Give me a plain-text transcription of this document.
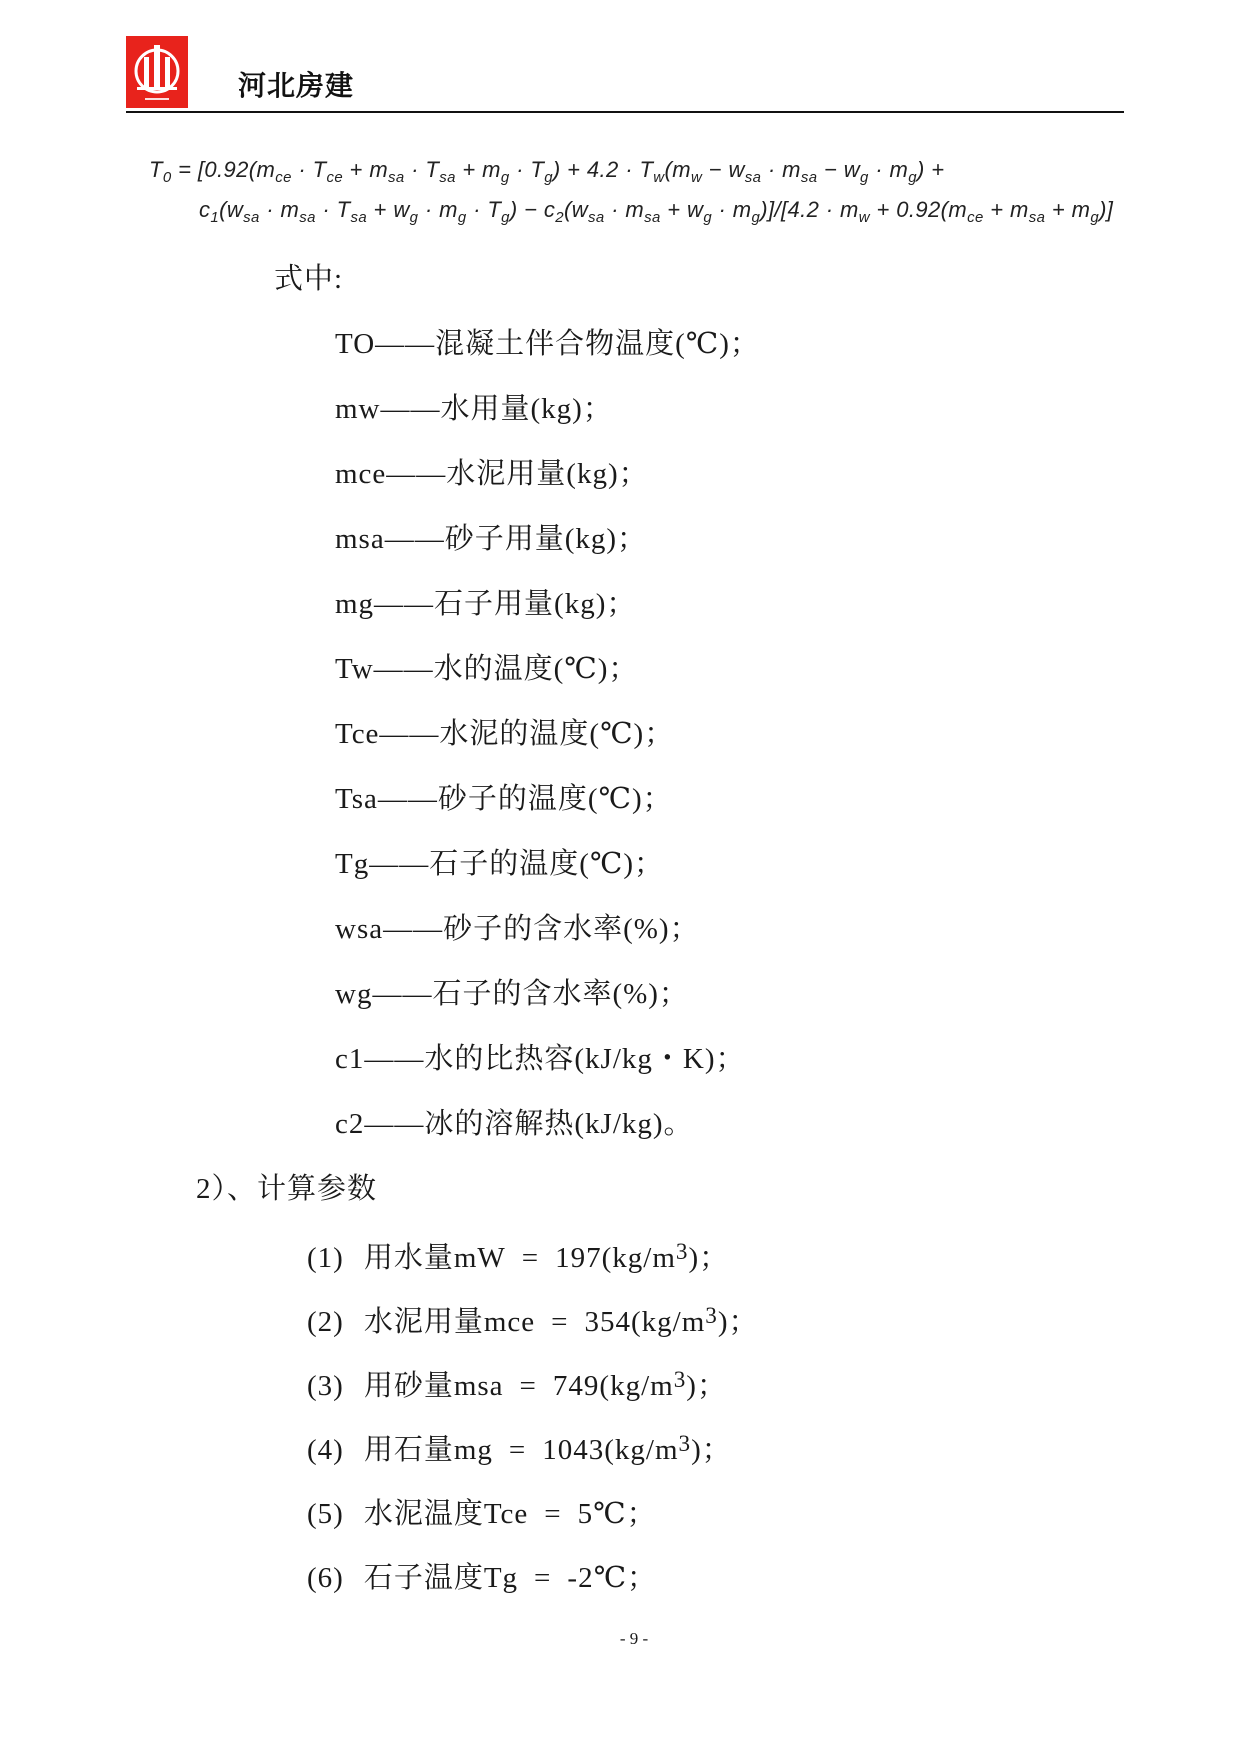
河北房建
$T_0 = [0.92(m_{ce} \cdot T_{ce} + m_{sa} \cdot T_{sa} + m_g \cdot T_g) + 4.2 \cdot T_w(m_w - w_{sa} \cdot m_{sa} - w_g \cdot m_g)$ +
$c_1(w_{sa} \cdot m_{sa} \cdot T_{sa} + w_g \cdot m_g \cdot T_g) - c_2(w_{sa} \cdot m_{sa} + w_g \cdot m_g)]/[4.2 \cdot m_w + 0.92(m_{ce} + m_{sa} + m_g)]$
式中:
TO——混凝土伴合物温度(℃)；
mw——水用量(kg)；
mce——水泥用量(kg)；
msa——砂子用量(kg)；
mg——石子用量(kg)；
Tw——水的温度(℃)；
Tce——水泥的温度(℃)；
Tsa——砂子的温度(℃)；
Tg——石子的温度(℃)；
wsa——砂子的含水率(%)；
wg——石子的含水率(%)；
c1——水的比热容(kJ/kg・K)；
c2——冰的溶解热(kJ/kg)。
2）、计算参数
(1) 用水量mW = $197(kg/m^3)$；
(2) 水泥用量mce = $354(kg/m^3)$；
(3) 用砂量msa = $749(kg/m^3)$；
(4) 用石量mg = $1043(kg/m^3)$；
(5) 水泥温度Tce = 5℃；
(6) 石子温度Tg = -2℃；
- 9 -
